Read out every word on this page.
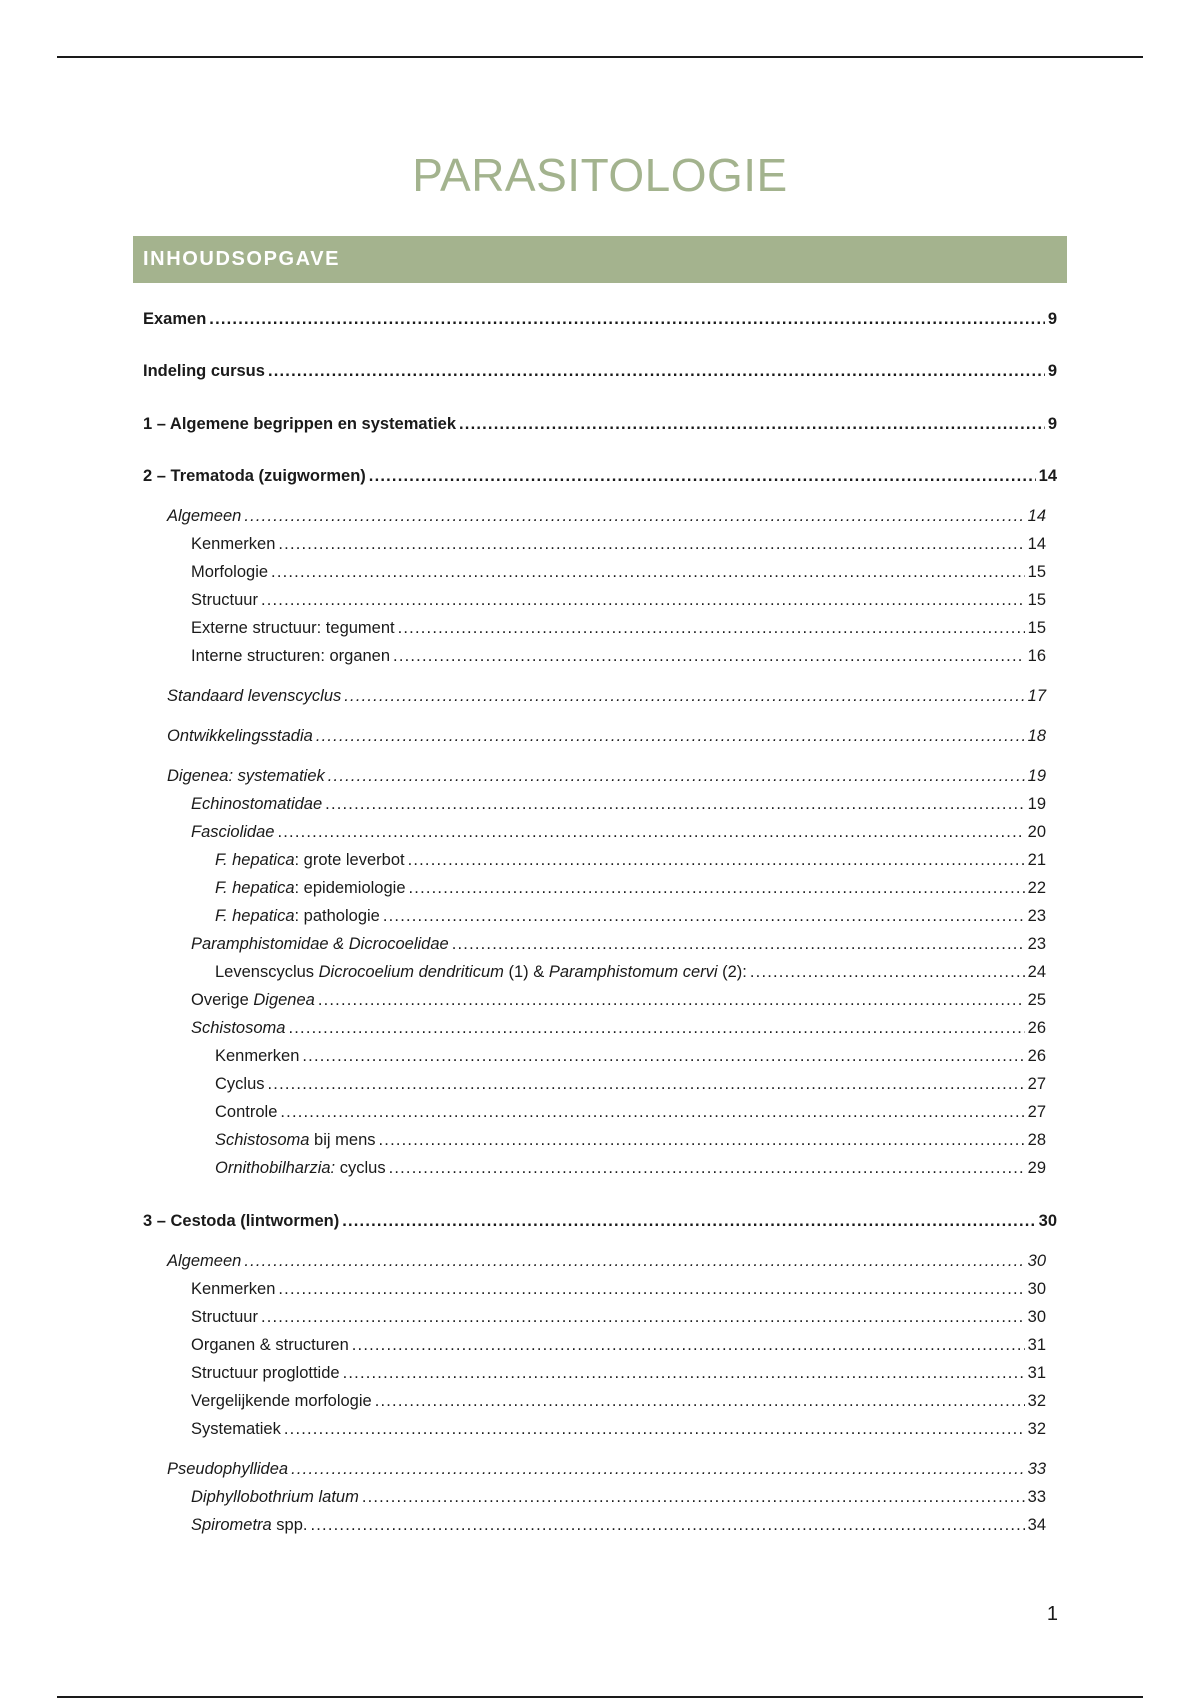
PARASITOLOGIE
INHOUDSOPGAVE
Examen .....	9
Indeling cursus .....	9
1 – Algemene begrippen en systematiek .....	9
2 – Trematoda (zuigwormen) .....	14
Algemeen .....	14
Kenmerken .....	14
Morfologie .....	15
Structuur .....	15
Externe structuur: tegument .....	15
Interne structuren: organen .....	16
Standaard levenscyclus .....	17
Ontwikkelingsstadia .....	18
Digenea: systematiek .....	19
Echinostomatidae .....	19
Fasciolidae .....	20
F. hepatica: grote leverbot .....	21
F. hepatica: epidemiologie .....	22
F. hepatica: pathologie .....	23
Paramphistomidae & Dicrocoelidae .....	23
Levenscyclus Dicrocoelium dendriticum (1) & Paramphistomum cervi (2): .....	24
Overige Digenea .....	25
Schistosoma .....	26
Kenmerken .....	26
Cyclus .....	27
Controle .....	27
Schistosoma bij mens .....	28
Ornithobilharzia: cyclus .....	29
3 – Cestoda (lintwormen) .....	30
Algemeen .....	30
Kenmerken .....	30
Structuur .....	30
Organen & structuren .....	31
Structuur proglottide .....	31
Vergelijkende morfologie .....	32
Systematiek .....	32
Pseudophyllidea .....	33
Diphyllobothrium latum .....	33
Spirometra spp. .....	34
1
